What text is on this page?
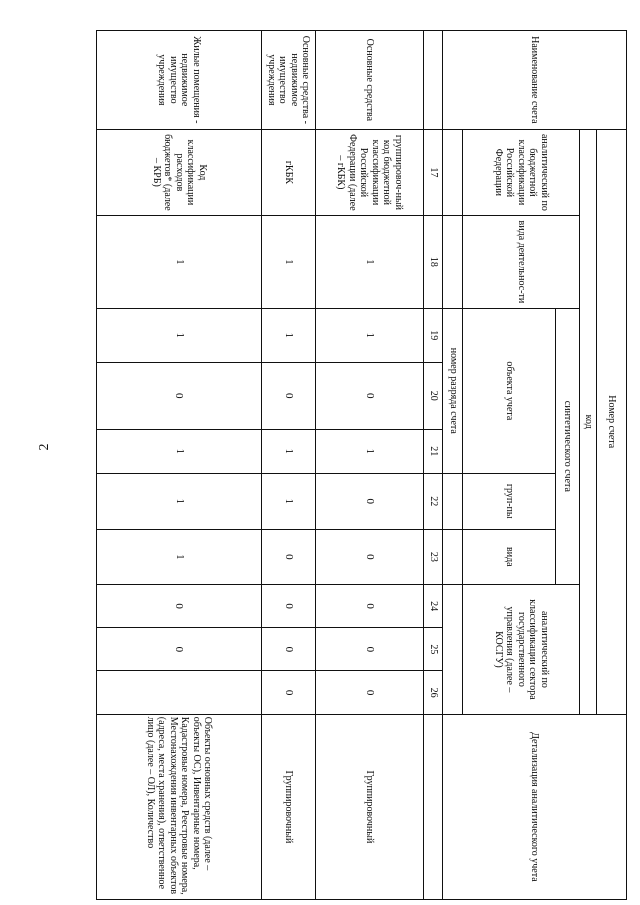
2
Наименование счета	Номер счета										Детализация аналитического учета
	код										
	аналитический по бюджетной классификации Российской Федерации	вида деятельнос-ти	синтетического счета					аналитический по классификации сектора государственного управления (далее – КОСГУ)			
			объекта учета			груп-пы	вида				
			номер разряда счета								
	17	18	19	20	21	22	23	24	25	26	
Основные средства	группировоч-ный код бюджетной классификации Российской Федерации (далее – гКБК)	1	1	0	1	0	0	0	0	0	Группировочный
Основные средства - недвижимое имущество учреждения	гКБК	1	1	0	1	1	0	0	0	0	Группировочный
Жилые помещения - недвижимое имущество учреждения	Код классификации расходов бюджетов* (далее – КРБ)	1	1	0	1	1	1	0	0		Объекты основных средств (далее – объекты ОС), Инвентарные номера, Кадастровые номера, Реестровые номера, Местонахождения инвентарных объектов (адреса, места хранения), ответственное лицо (далее – ОЛ), Количество
